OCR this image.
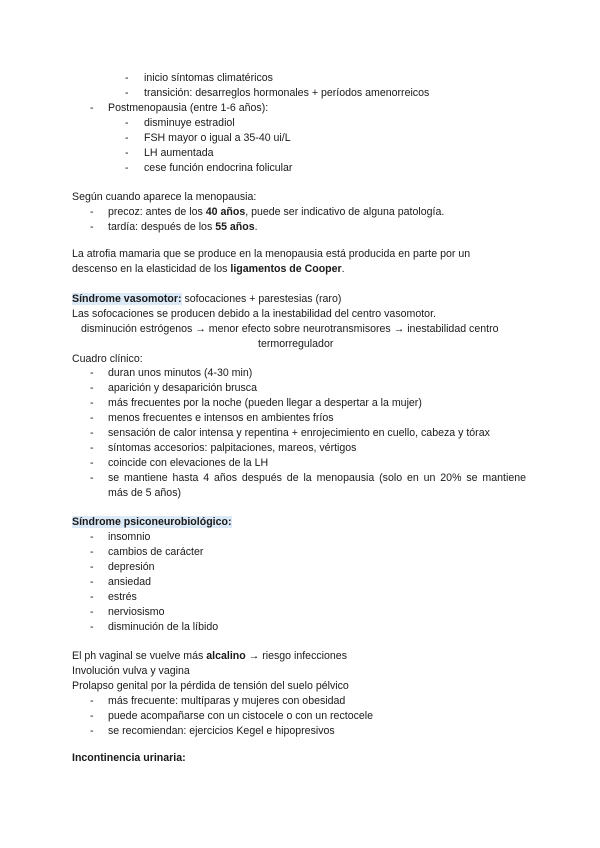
- inicio síntomas climatéricos
- transición: desarreglos hormonales + períodos amenorreicos
- Postmenopausia (entre 1-6 años):
- disminuye estradiol
- FSH mayor o igual a 35-40 ui/L
- LH aumentada
- cese función endocrina folicular
Según cuando aparece la menopausia:
- precoz: antes de los 40 años, puede ser indicativo de alguna patología.
- tardía: después de los 55 años.
La atrofia mamaria que se produce en la menopausia está producida en parte por un
descenso en la elasticidad de los ligamentos de Cooper.
Síndrome vasomotor: sofocaciones + parestesias (raro)
Las sofocaciones se producen debido a la inestabilidad del centro vasomotor.
disminución estrógenos → menor efecto sobre neurotransmisores → inestabilidad centro
termorregulador
Cuadro clínico:
- duran unos minutos (4-30 min)
- aparición y desaparición brusca
- más frecuentes por la noche (pueden llegar a despertar a la mujer)
- menos frecuentes e intensos en ambientes fríos
- sensación de calor intensa y repentina + enrojecimiento en cuello, cabeza y tórax
- síntomas accesorios: palpitaciones, mareos, vértigos
- coincide con elevaciones de la LH
- se mantiene hasta 4 años después de la menopausia (solo en un 20% se mantiene
más de 5 años)
Síndrome psiconeurobiológico:
- insomnio
- cambios de carácter
- depresión
- ansiedad
- estrés
- nerviosismo
- disminución de la líbido
El ph vaginal se vuelve más alcalino → riesgo infecciones
Involución vulva y vagina
Prolapso genital por la pérdida de tensión del suelo pélvico
- más frecuente: multíparas y mujeres con obesidad
- puede acompañarse con un cistocele o con un rectocele
- se recomiendan: ejercicios Kegel e hipopresivos
Incontinencia urinaria:
